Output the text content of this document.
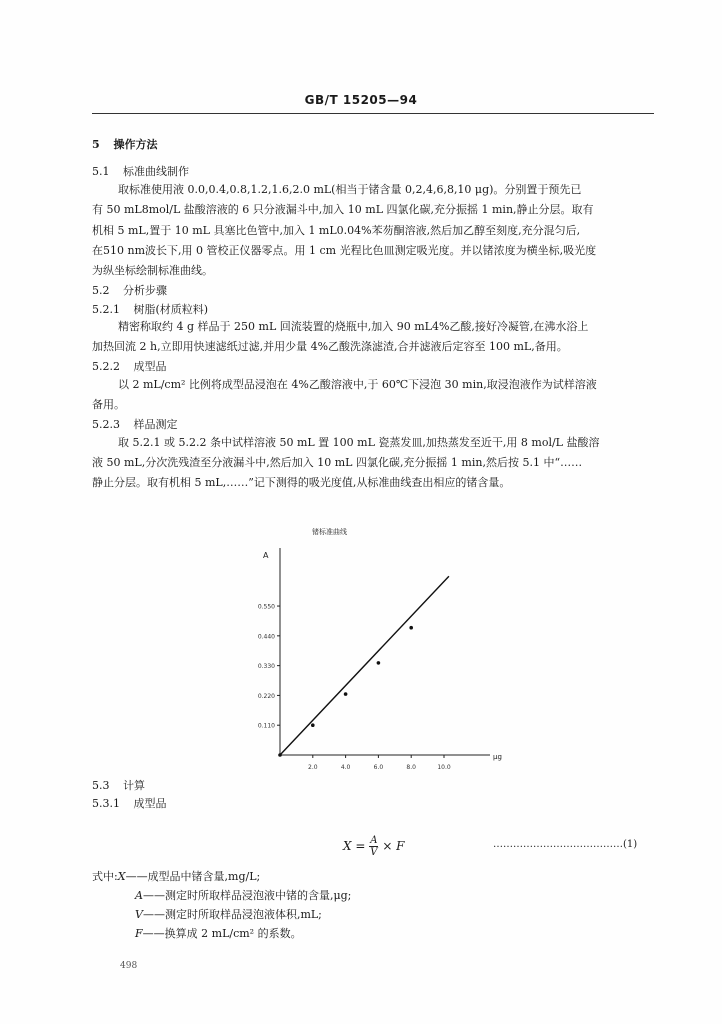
GB/T 15205—94
5 操作方法
5.1 标准曲线制作
取标准使用液 0.0,0.4,0.8,1.2,1.6,2.0 mL(相当于锗含量 0,2,4,6,8,10 μg)。分别置于预先已
有 50 mL8mol/L 盐酸溶液的 6 只分液漏斗中,加入 10 mL 四氯化碳,充分振摇 1 min,静止分层。取有
机相 5 mL,置于 10 mL 具塞比色管中,加入 1 mL0.04%苯芴酮溶液,然后加乙醇至刻度,充分混匀后,
在510 nm波长下,用 0 管校正仪器零点。用 1 cm 光程比色皿测定吸光度。并以锗浓度为横坐标,吸光度
为纵坐标绘制标准曲线。
5.2 分析步骤
5.2.1 树脂(材质粒料)
精密称取约 4 g 样品于 250 mL 回流装置的烧瓶中,加入 90 mL4%乙酸,接好冷凝管,在沸水浴上
加热回流 2 h,立即用快速滤纸过滤,并用少量 4%乙酸洗涤滤渣,合并滤液后定容至 100 mL,备用。
5.2.2 成型品
以 2 mL/cm² 比例将成型品浸泡在 4%乙酸溶液中,于 60℃下浸泡 30 min,取浸泡液作为试样溶液
备用。
5.2.3 样品测定
取 5.2.1 或 5.2.2 条中试样溶液 50 mL 置 100 mL 瓷蒸发皿,加热蒸发至近干,用 8 mol/L 盐酸溶
液 50 mL,分次洗残渣至分液漏斗中,然后加入 10 mL 四氯化碳,充分振摇 1 min,然后按 5.1 中“……
静止分层。取有机相 5 mL,……”记下测得的吸光度值,从标准曲线查出相应的锗含量。
锗标准曲线
A
μg
0.110
0.220
0.330
0.440
0.550
2.0	4.0	6.0	8.0	10.0
5.3 计算
5.3.1 成型品
$X = \frac{A}{V} \times F$	…………………………………(1)
式中:X——成型品中锗含量,mg/L;
A——测定时所取样品浸泡液中锗的含量,μg;
V——测定时所取样品浸泡液体积,mL;
F——换算成 2 mL/cm² 的系数。
498
